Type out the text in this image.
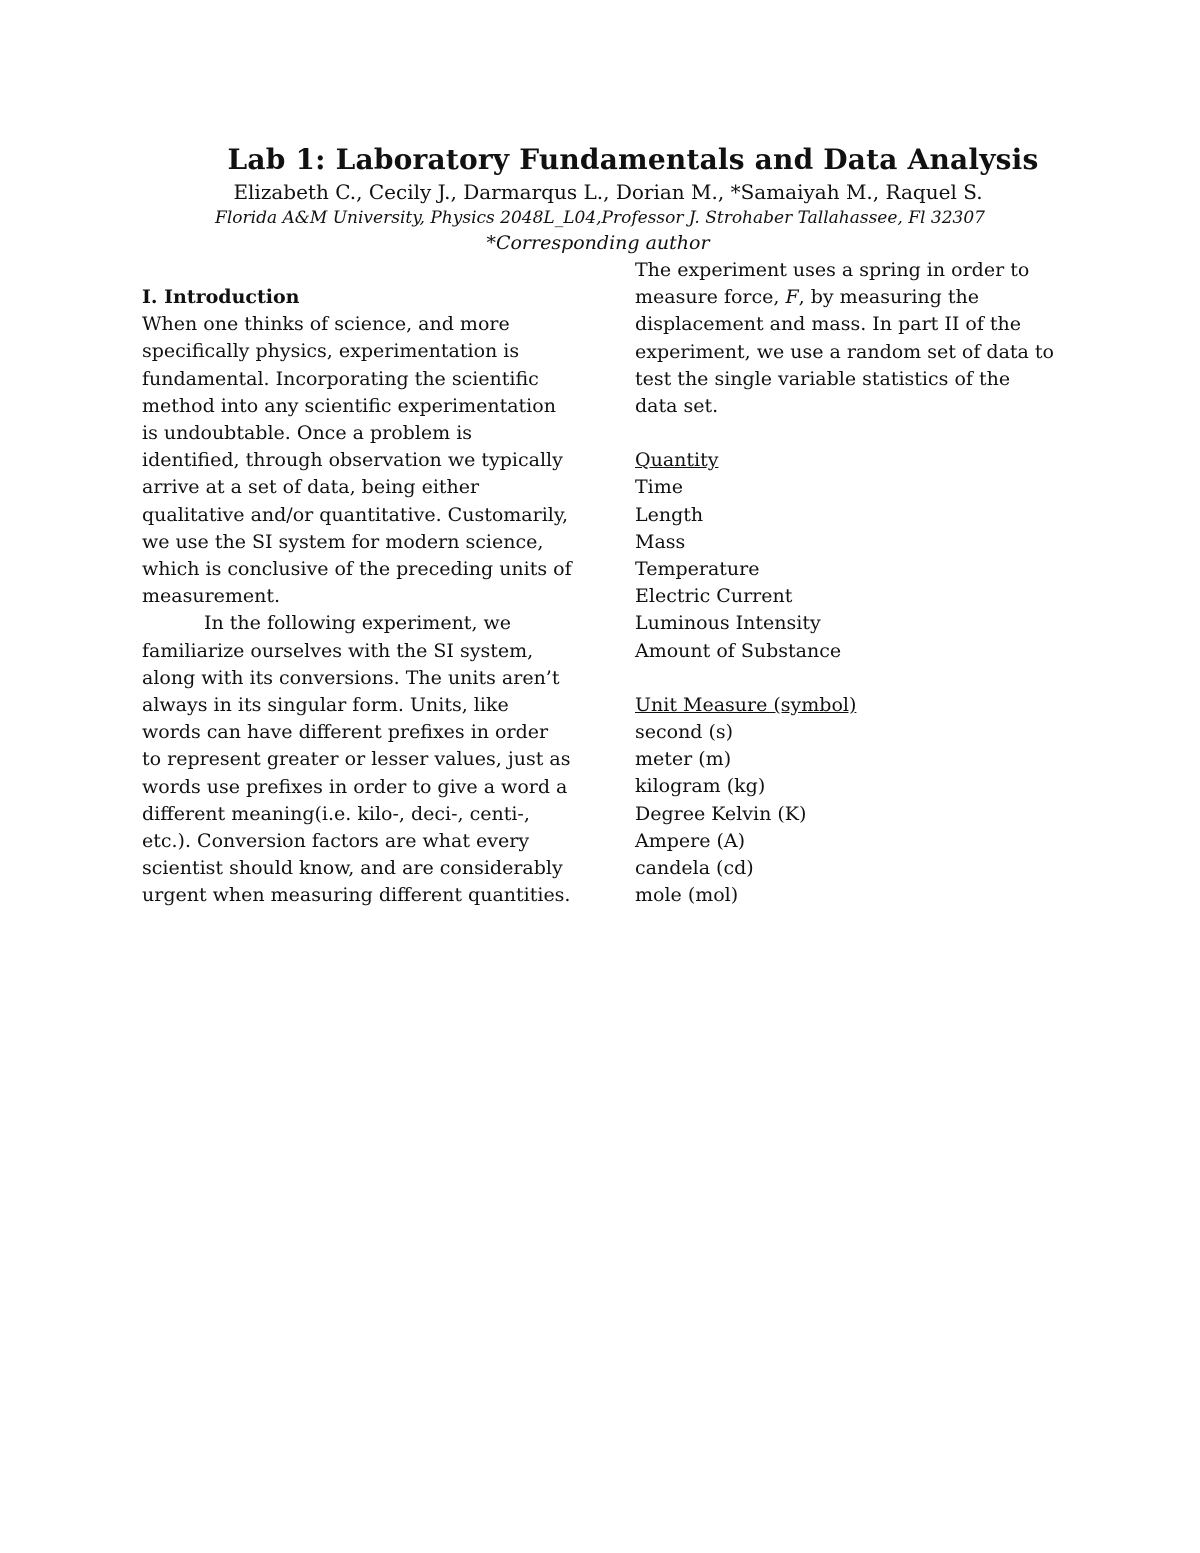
Lab 1: Laboratory Fundamentals and Data Analysis
Elizabeth C., Cecily J., Darmarqus L., Dorian M., *Samaiyah M., Raquel S.
Florida A&M University, Physics 2048L_L04,Professor J. Strohaber Tallahassee, Fl 32307
*Corresponding author

I. Introduction

When one thinks of science, and more specifically physics, experimentation is fundamental. Incorporating the scientific method into any scientific experimentation is undoubtable. Once a problem is identified, through observation we typically arrive at a set of data, being either qualitative and/or quantitative. Customarily, we use the SI system for modern science, which is conclusive of the preceding units of measurement.

In the following experiment, we familiarize ourselves with the SI system, along with its conversions. The units aren’t always in its singular form. Units, like words can have different prefixes in order to represent greater or lesser values, just as words use prefixes in order to give a word a different meaning(i.e. kilo-, deci-, centi-, etc.). Conversion factors are what every scientist should know, and are considerably urgent when measuring different quantities.

The experiment uses a spring in order to measure force, F, by measuring the displacement and mass. In part II of the experiment, we use a random set of data to test the single variable statistics of the data set.

Quantity
Time
Length
Mass
Temperature
Electric Current
Luminous Intensity
Amount of Substance
Unit Measure (symbol)
second (s)
meter (m)
kilogram (kg)
Degree Kelvin (K)
Ampere (A)
candela (cd)
mole (mol)
